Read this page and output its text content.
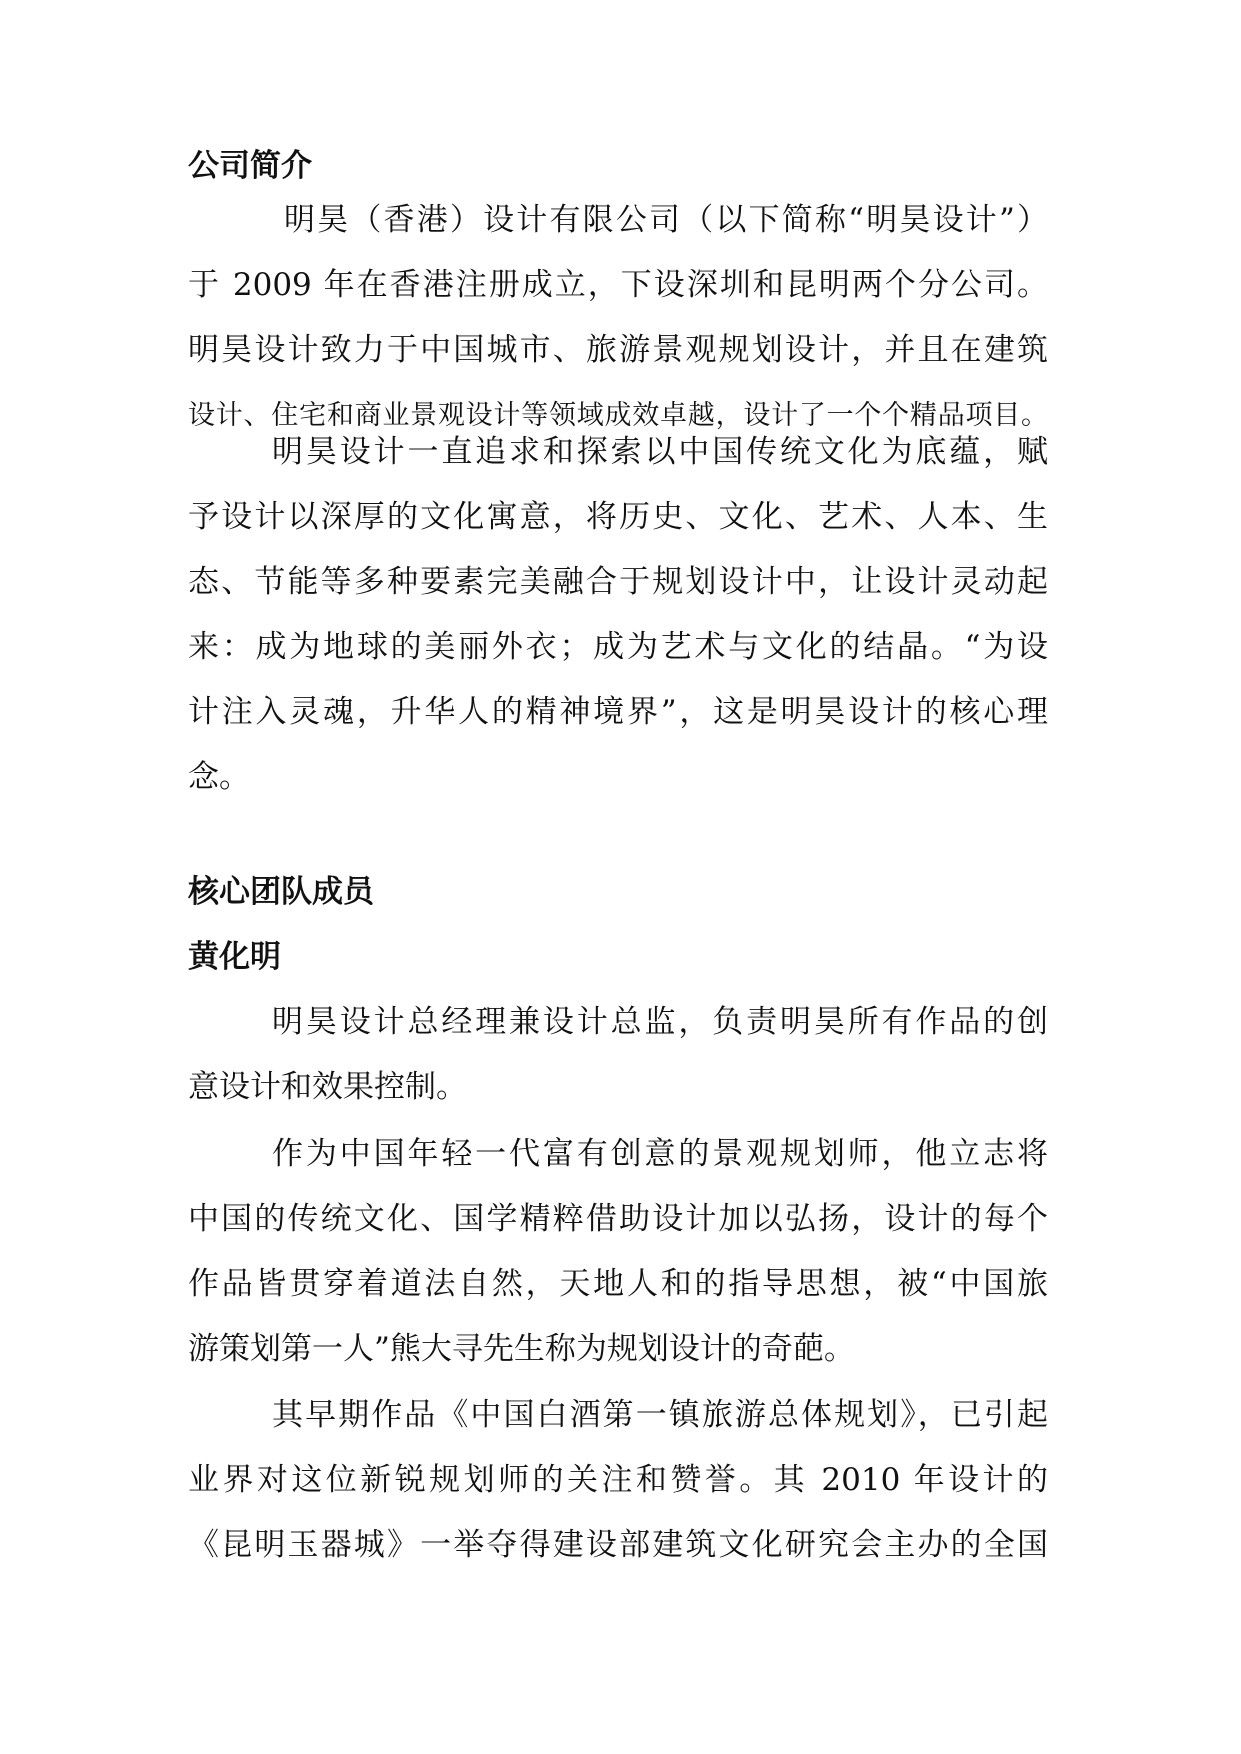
公司简介
明昊（香港）设计有限公司（以下简称“明昊设计”）
于 2009 年在香港注册成立，下设深圳和昆明两个分公司。
明昊设计致力于中国城市、旅游景观规划设计，并且在建筑
设计、住宅和商业景观设计等领域成效卓越，设计了一个个精品项目。
明昊设计一直追求和探索以中国传统文化为底蕴，赋
予设计以深厚的文化寓意，将历史、文化、艺术、人本、生
态、节能等多种要素完美融合于规划设计中，让设计灵动起
来：成为地球的美丽外衣；成为艺术与文化的结晶。“为设
计注入灵魂，升华人的精神境界”，这是明昊设计的核心理
念。
核心团队成员
黄化明
明昊设计总经理兼设计总监，负责明昊所有作品的创
意设计和效果控制。
作为中国年轻一代富有创意的景观规划师，他立志将
中国的传统文化、国学精粹借助设计加以弘扬，设计的每个
作品皆贯穿着道法自然，天地人和的指导思想，被“中国旅
游策划第一人”熊大寻先生称为规划设计的奇葩。
其早期作品《中国白酒第一镇旅游总体规划》，已引起
业界对这位新锐规划师的关注和赞誉。其 2010 年设计的
《昆明玉器城》一举夺得建设部建筑文化研究会主办的全国
